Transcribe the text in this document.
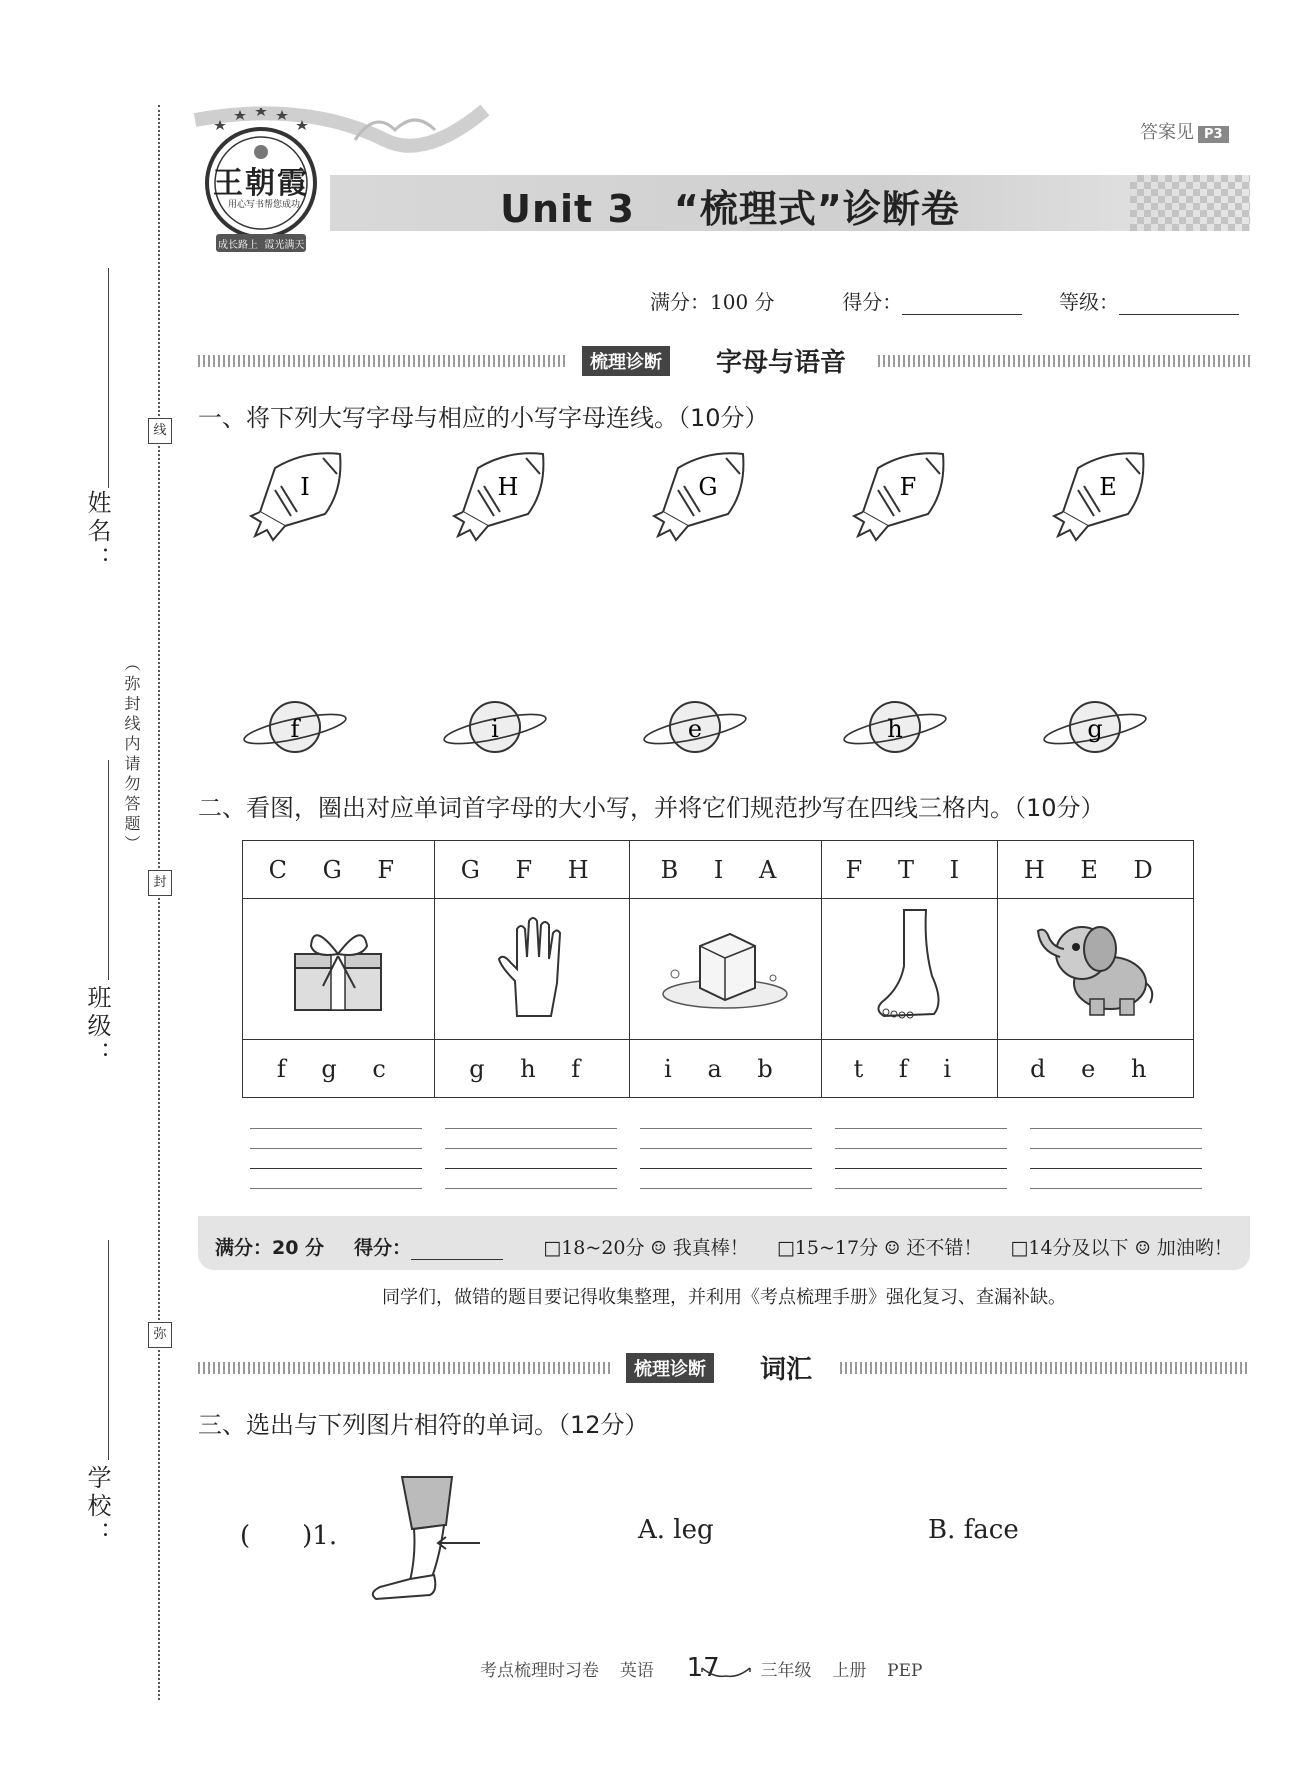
姓名：
班级：
学校：
线
封
弥
（弥封线内请勿答题）
王朝霞
用心写书 帮您成功
成长路上  霞光满天
答案见 P3
Unit 3　“梳理式”诊断卷
满分：100 分	得分：	等级：
梳理诊断	字母与语音
一、将下列大写字母与相应的小写字母连线。（10分）
I	H	G	F	E
f	i	e	h	g
二、看图，圈出对应单词首字母的大小写，并将它们规范抄写在四线三格内。（10分）
C G F	G F H	B I A	F T I	H E D

f g c	g h f	i a b	t f i	d e h
满分：20 分 得分：	□18~20分 ☺ 我真棒！ □15~17分 ☺ 还不错！ □14分及以下 ☺ 加油哟！
同学们，做错的题目要记得收集整理，并利用《考点梳理手册》强化复习、查漏补缺。
梳理诊断	词汇
三、选出与下列图片相符的单词。（12分）
(　　)1.	A. leg	B. face
考点梳理时习卷 英语 17 三年级 上册 PEP
